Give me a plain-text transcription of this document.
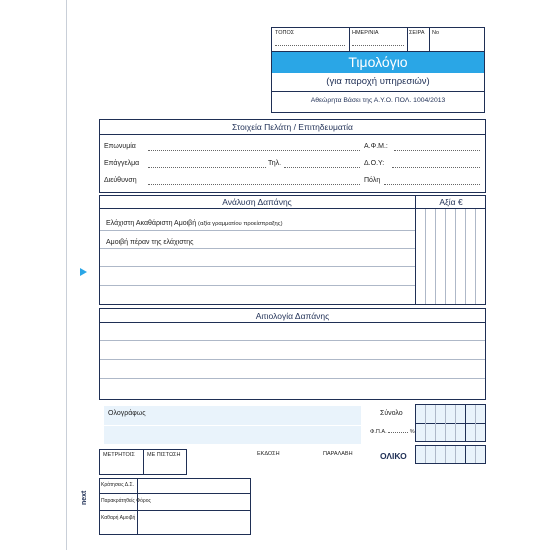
ΤΟΠΟΣ	ΗΜΕΡ/ΝΙΑ	ΣΕΙΡΑ Νο
Τιμολόγιο
(για παροχή υπηρεσιών)
Αθεώρητα Βάσει της Α.Υ.Ο. ΠΟΛ. 1004/2013
Στοιχεία Πελάτη / Επιτηδευματία
Επωνυμία	Α.Φ.Μ.:
Επάγγελμα	Τηλ.	Δ.Ο.Υ:
Διεύθυνση	Πόλη
Ανάλυση Δαπάνης	Αξία €
Ελάχιστη Ακαθάριστη Αμοιβή (αξία γραμματίου προείσπραξης)
Αμοιβή πέραν της ελάχιστης
Αιτιολογία Δαπάνης
Ολογράφως	Σύνολο
Φ.Π.Α.	%
ΟΛΙΚΟ
ΜΕΤΡΗΤΟΙΣ ΜΕ ΠΙΣΤΩΣΗ	ΕΚΔΟΣΗ	ΠΑΡΑΛΑΒΗ
Κράτησεις Δ.Σ.
Παρακράτηθείς Φόρος
Καθαρή Αμοιβή
next
